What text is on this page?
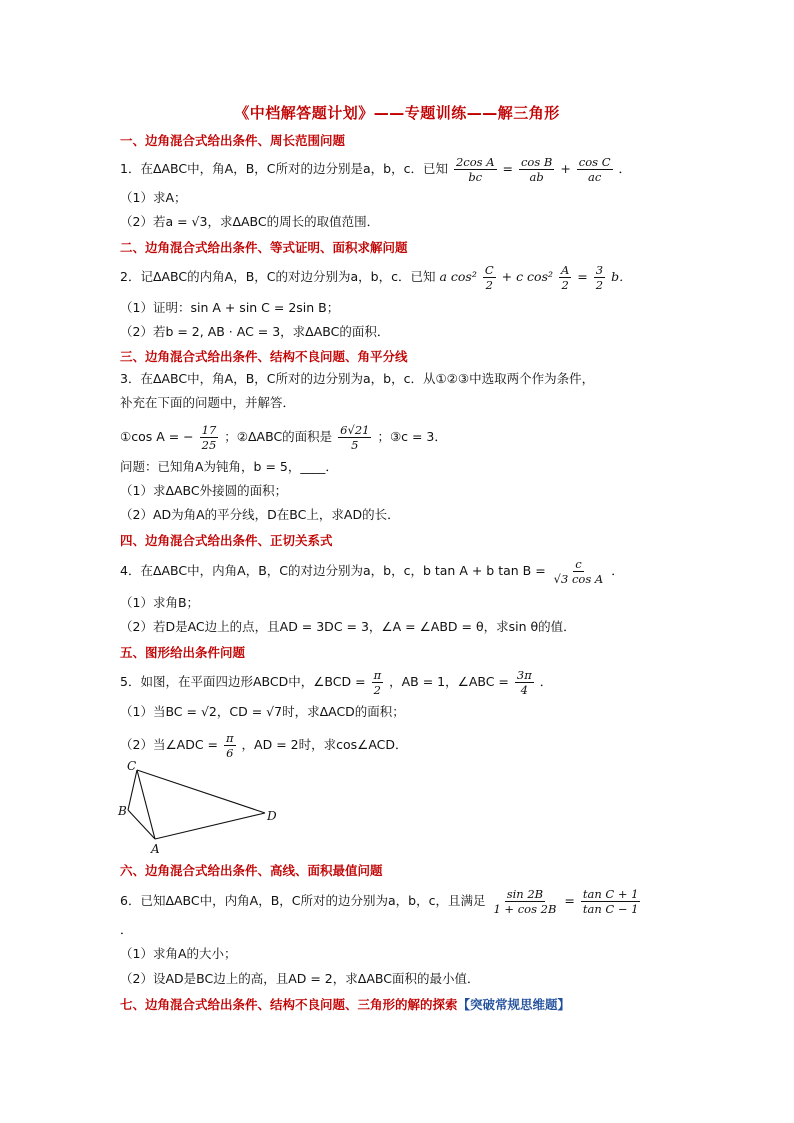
《中档解答题计划》——专题训练——解三角形
一、边角混合式给出条件、周长范围问题
1．在ΔABC中，角A，B，C所对的边分别是a，b，c．已知 $\frac{\text{2cos A}}{bc} = \frac{\text{cos B}}{ab} + \frac{\text{cos C}}{ac}$ ．
（1）求A；
（2）若a = √3，求ΔABC的周长的取值范围．
二、边角混合式给出条件、等式证明、面积求解问题
2．记ΔABC的内角A，B，C的对边分别为a，b，c．已知 a $\cos^2 \frac{C}{2} + c$ $\cos^2 \frac{A}{2} = \frac{3}{2}$ b．
（1）证明：sin A + sin C = 2sin B；
（2）若b = 2, AB · AC = 3，求ΔABC的面积．
三、边角混合式给出条件、结构不良问题、角平分线
3．在ΔABC中，角A，B，C所对的边分别为a，b，c．从①②③中选取两个作为条件，
补充在下面的问题中，并解答．
①cos A = − $\frac{17}{25}$ ；②ΔABC的面积是 $\frac{6√21}{5}$ ；③c = 3．
问题：已知角A为钝角，b = 5，____．
（1）求ΔABC外接圆的面积；
（2）AD为角A的平分线，D在BC上，求AD的长．
四、边角混合式给出条件、正切关系式
4．在ΔABC中，内角A，B，C的对边分别为a，b，c，b tan A + b $\tan B = \frac{c}{\text{√3 cos A}}$ ．
（1）求角B；
（2）若D是AC边上的点，且AD = 3DC = 3，∠A = ∠ABD = θ，求sin θ的值．
五、图形给出条件问题
5．如图，在平面四边形ABCD中，∠BCD = $\frac{\pi}{2}$ ，AB = 1，∠ABC = $\frac{3\pi}{4}$ ．
（1）当BC = √2，CD = √7时，求ΔACD的面积；
（2）当∠ADC = $\frac{\pi}{6}$ ，AD = 2时，求cos∠ACD．
C
B
A
D
六、边角混合式给出条件、高线、面积最值问题
6．已知ΔABC中，内角A，B，C所对的边分别为a，b，c，且满足 $\frac{\sin 2B}{1 + \cos 2B} = \frac{\text{tan C + 1}}{\text{tan C − 1}}$
．
（1）求角A的大小；
（2）设AD是BC边上的高，且AD = 2，求ΔABC面积的最小值．
七、边角混合式给出条件、结构不良问题、三角形的解的探索【突破常规思维题】
